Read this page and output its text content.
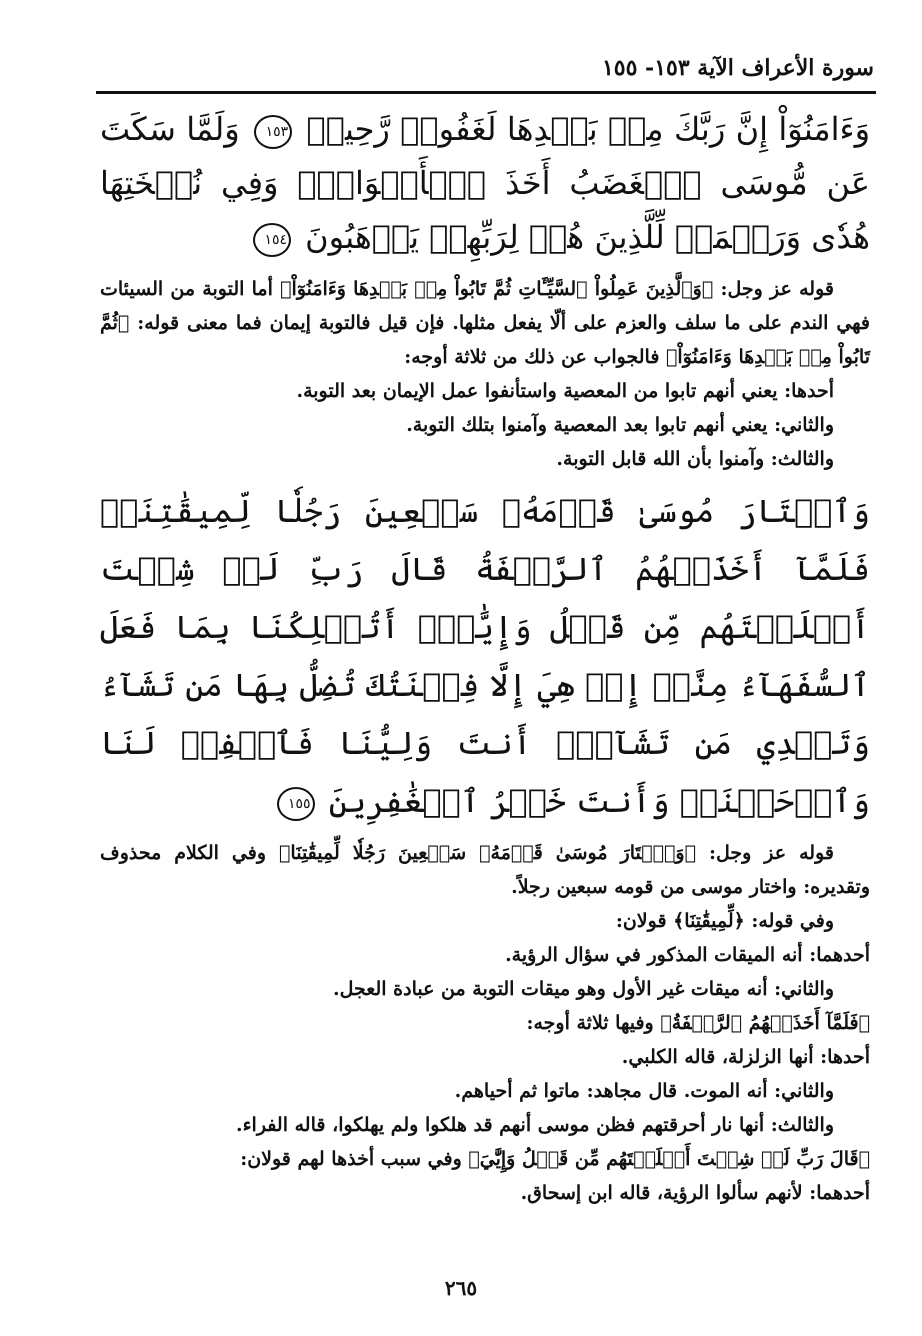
سورة الأعراف الآية ١٥٣- ١٥٥

وَءَامَنُوٓاْ إِنَّ رَبَّكَ مِنۢ بَعۡدِهَا لَغَفُورٞ رَّحِيمٞ ١٥٣ وَلَمَّا سَكَتَ عَن مُّوسَى ٱلۡغَضَبُ أَخَذَ ٱلۡأَلۡوَاحَۖ وَفِي نُسۡخَتِهَا هُدٗى وَرَحۡمَةٞ لِّلَّذِينَ هُمۡ لِرَبِّهِمۡ يَرۡهَبُونَ ١٥٤

قوله عز وجل: ﴿وَٱلَّذِينَ عَمِلُواْ ٱلسَّيِّـَٔاتِ ثُمَّ تَابُواْ مِنۢ بَعۡدِهَا وَءَامَنُوٓاْ﴾ أما التوبة من السيئات فهي الندم على ما سلف والعزم على ألّا يفعل مثلها. فإن قيل فالتوبة إيمان فما معنى قوله: ﴿ثُمَّ تَابُواْ مِنۢ بَعۡدِهَا وَءَامَنُوٓاْ﴾ فالجواب عن ذلك من ثلاثة أوجه:

أحدها: يعني أنهم تابوا من المعصية واستأنفوا عمل الإيمان بعد التوبة.

والثاني: يعني أنهم تابوا بعد المعصية وآمنوا بتلك التوبة.

والثالث: وآمنوا بأن الله قابل التوبة.

وَٱخۡتَارَ مُوسَىٰ قَوۡمَهُۥ سَبۡعِينَ رَجُلٗا لِّمِيقَٰتِنَاۖ فَلَمَّآ أَخَذَتۡهُمُ ٱلرَّجۡفَةُ قَالَ رَبِّ لَوۡ شِئۡتَ أَهۡلَكۡتَهُم مِّن قَبۡلُ وَإِيَّٰيَۖ أَتُهۡلِكُنَا بِمَا فَعَلَ ٱلسُّفَهَآءُ مِنَّآۖ إِنۡ هِيَ إِلَّا فِتۡنَتُكَ تُضِلُّ بِهَا مَن تَشَآءُ وَتَهۡدِي مَن تَشَآءُۖ أَنتَ وَلِيُّنَا فَٱغۡفِرۡ لَنَا وَٱرۡحَمۡنَاۖ وَأَنتَ خَيۡرُ ٱلۡغَٰفِرِينَ ١٥٥

قوله عز وجل: ﴿وَٱخۡتَارَ مُوسَىٰ قَوۡمَهُۥ سَبۡعِينَ رَجُلٗا لِّمِيقَٰتِنَا﴾ وفي الكلام محذوف وتقديره: واختار موسى من قومه سبعين رجلاً.

وفي قوله: ﴿لِّمِيقَٰتِنَا﴾ قولان:

أحدهما: أنه الميقات المذكور في سؤال الرؤية.

والثاني: أنه ميقات غير الأول وهو ميقات التوبة من عبادة العجل.

﴿فَلَمَّآ أَخَذَتۡهُمُ ٱلرَّجۡفَةُ﴾ وفيها ثلاثة أوجه:

أحدها: أنها الزلزلة، قاله الكلبي.

والثاني: أنه الموت. قال مجاهد: ماتوا ثم أحياهم.

والثالث: أنها نار أحرقتهم فظن موسى أنهم قد هلكوا ولم يهلكوا، قاله الفراء.

﴿قَالَ رَبِّ لَوۡ شِئۡتَ أَهۡلَكۡتَهُم مِّن قَبۡلُ وَإِيَّٰيَ﴾ وفي سبب أخذها لهم قولان:

أحدهما: لأنهم سألوا الرؤية، قاله ابن إسحاق.

٢٦٥
